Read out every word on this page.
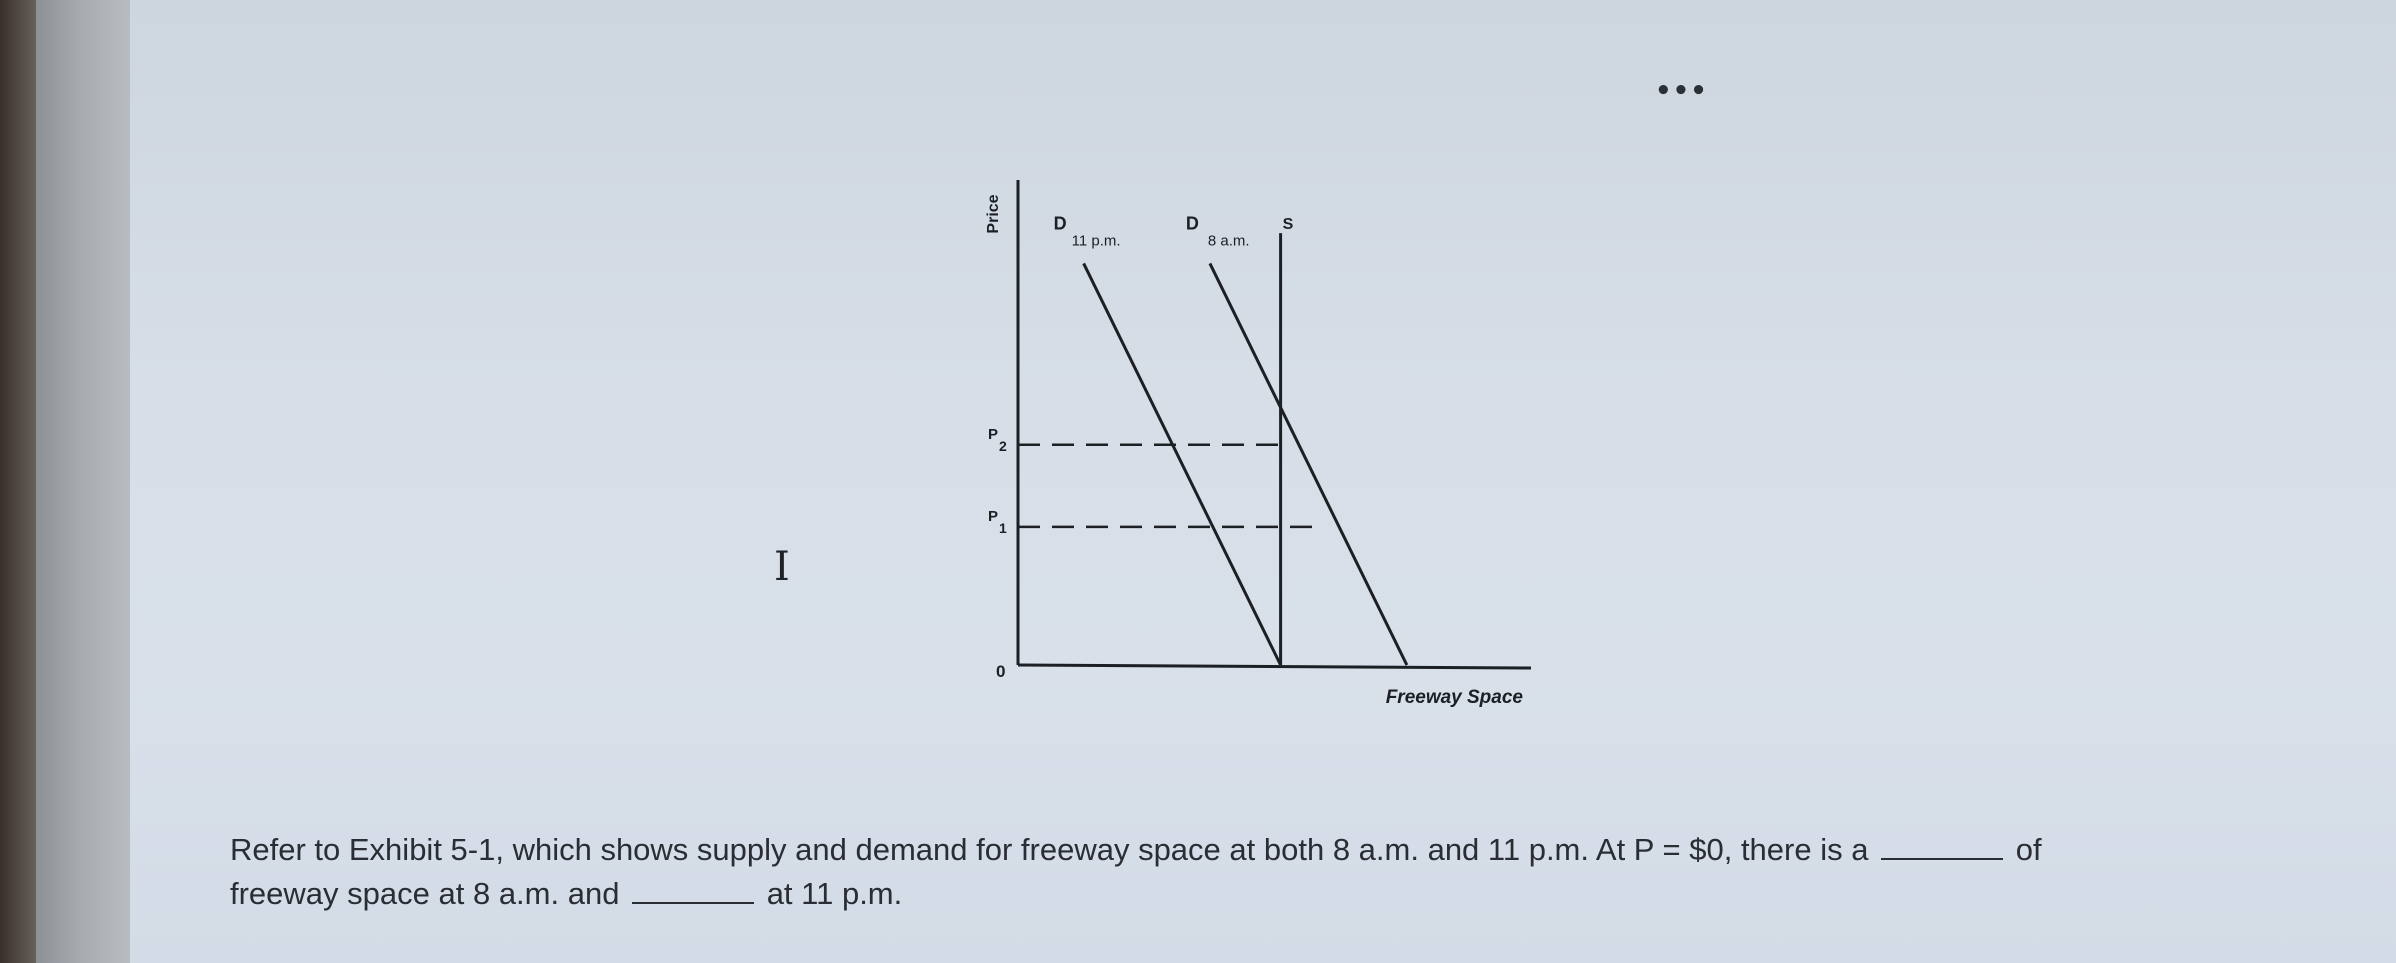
•••
I
Price
Freeway Space
0
P
2
P
1
D
11 p.m.
D
8 a.m.
S
Refer to Exhibit 5-1, which shows supply and demand for freeway space at both 8 a.m. and 11 p.m. At P = $0, there is a	of
freeway space at 8 a.m. and	at 11 p.m.
